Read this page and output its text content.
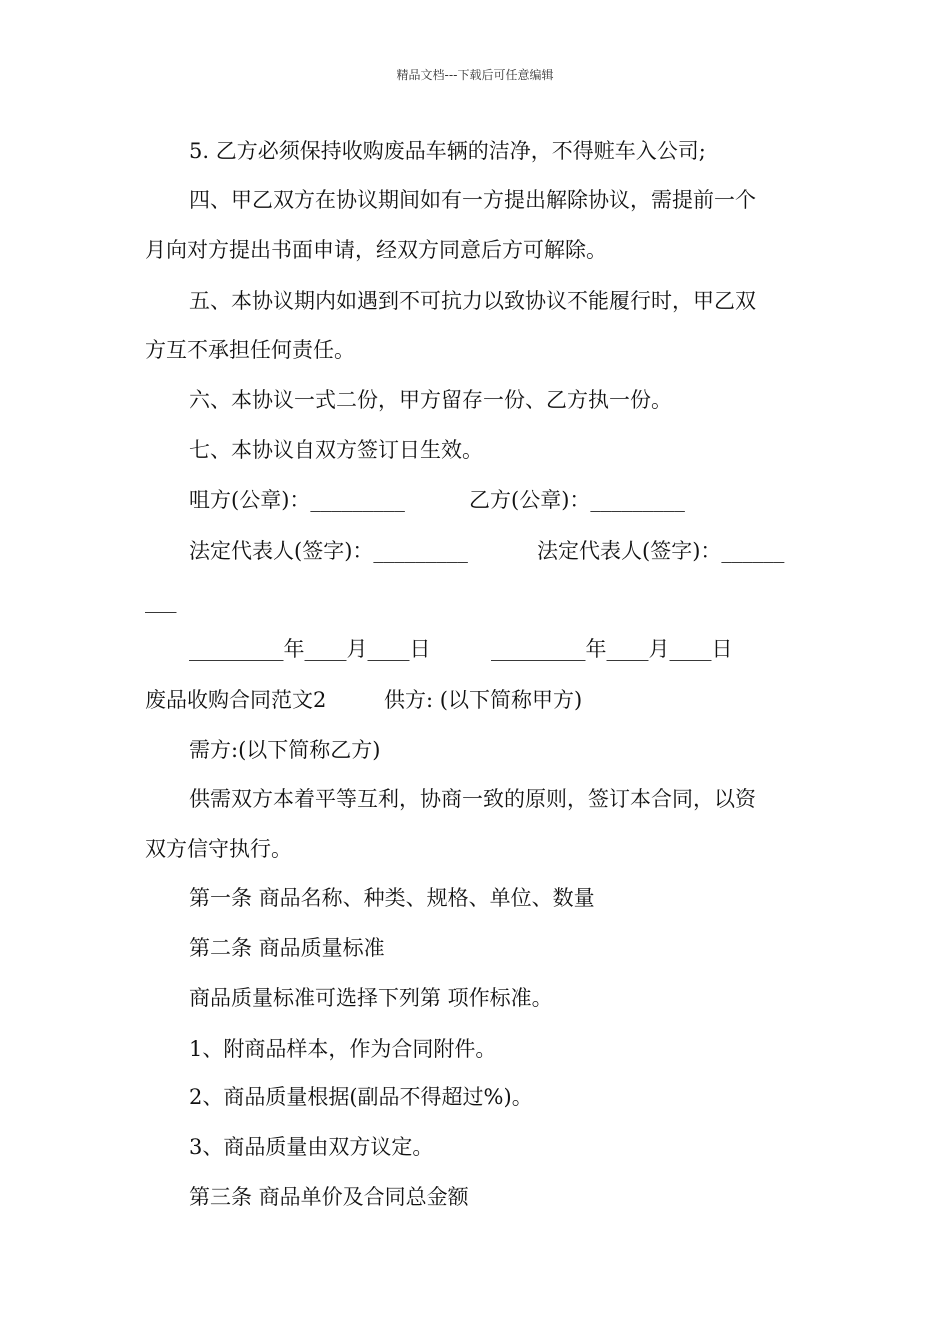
精品文档---下载后可任意编辑
5. 乙方必须保持收购废品车辆的洁净，不得赃车入公司;
四、甲乙双方在协议期间如有一方提出解除协议，需提前一个
月向对方提出书面申请，经双方同意后方可解除。
五、本协议期内如遇到不可抗力以致协议不能履行时，甲乙双
方互不承担任何责任。
六、本协议一式二份，甲方留存一份、乙方执一份。
七、本协议自双方签订日生效。
咀方(公章)：_________	乙方(公章)：_________
法定代表人(签字)：_________	法定代表人(签字)：______
___
_________年____月____日	_________年____月____日
废品收购合同范文2	供方: (以下简称甲方)
需方:(以下简称乙方)
供需双方本着平等互利，协商一致的原则，签订本合同，以资
双方信守执行。
第一条 商品名称、种类、规格、单位、数量
第二条 商品质量标准
商品质量标准可选择下列第 项作标准。
1、附商品样本，作为合同附件。
2、商品质量根据(副品不得超过%)。
3、商品质量由双方议定。
第三条 商品单价及合同总金额
